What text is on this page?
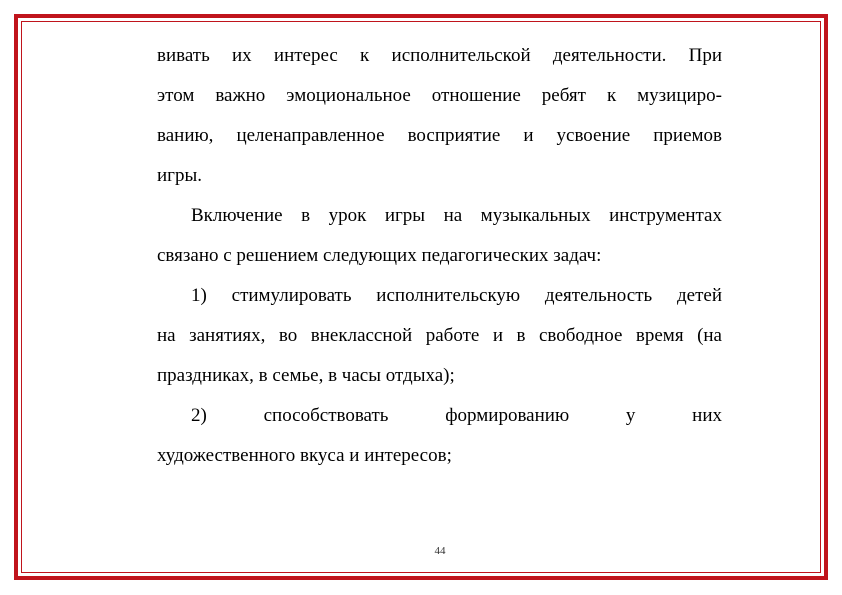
вивать их интерес к исполнительской деятельности. При
этом важно эмоциональное отношение ребят к музициро-
ванию, целенаправленное восприятие и усвоение приемов
игры.
Включение в урок игры на музыкальных инструментах
связано с решением следующих педагогических задач:
1) стимулировать исполнительскую деятельность детей
на занятиях, во внеклассной работе и в свободное время (на
праздниках, в семье, в часы отдыха);
2) способствовать формированию у них
художественного вкуса и интересов;
44
